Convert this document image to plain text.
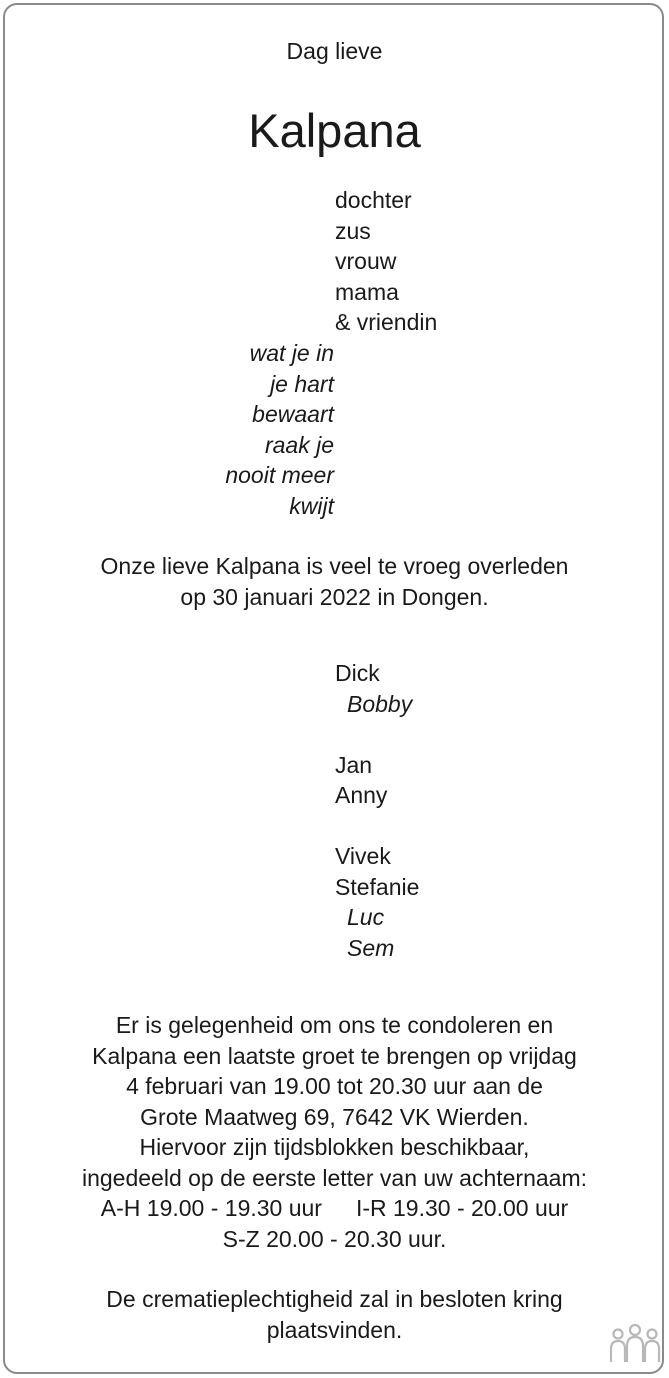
Dag lieve
Kalpana
dochter
zus
vrouw
mama
& vriendin
wat je in
je hart
bewaart
raak je
nooit meer
kwijt
Onze lieve Kalpana is veel te vroeg overleden
op 30 januari 2022 in Dongen.
Dick
Bobby
Jan
Anny
Vivek
Stefanie
Luc
Sem
Er is gelegenheid om ons te condoleren en
Kalpana een laatste groet te brengen op vrijdag
4 februari van 19.00 tot 20.30 uur aan de
Grote Maatweg 69, 7642 VK Wierden.
Hiervoor zijn tijdsblokken beschikbaar,
ingedeeld op de eerste letter van uw achternaam:
A-H 19.00 - 19.30 uur I-R 19.30 - 20.00 uur
S-Z 20.00 - 20.30 uur.
De crematieplechtigheid zal in besloten kring
plaatsvinden.
